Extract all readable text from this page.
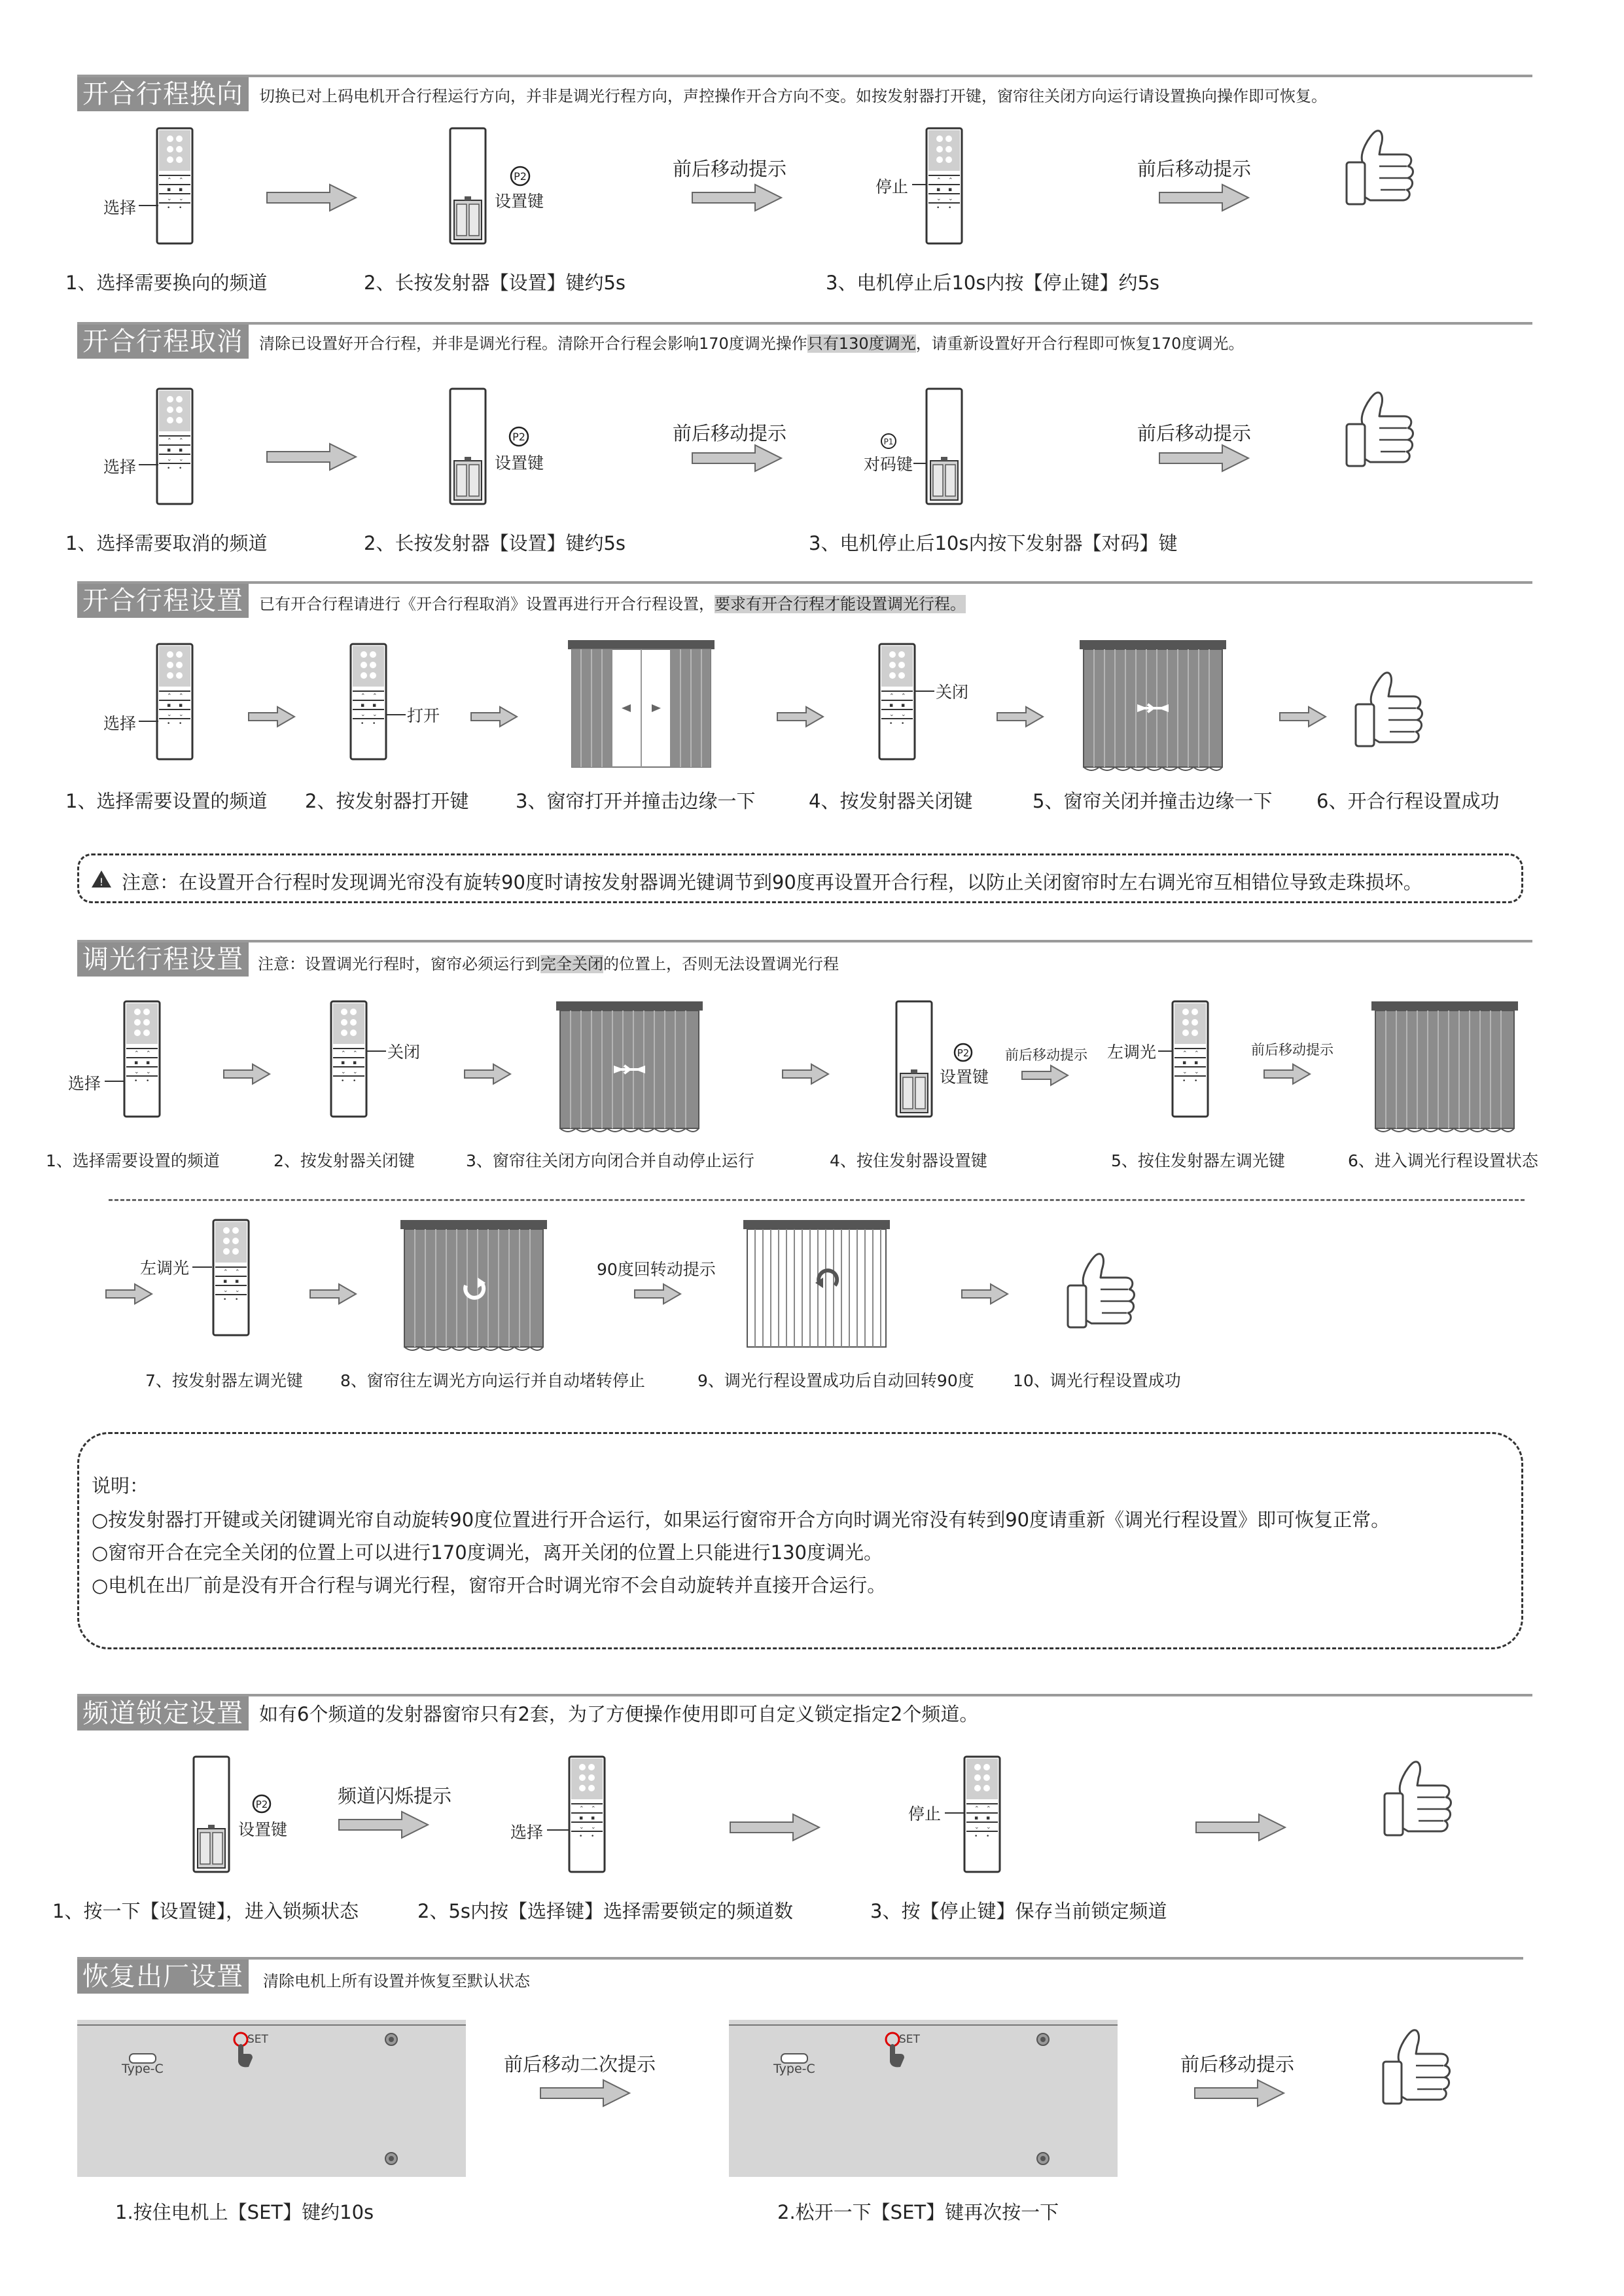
⌃	⌃
▪	▪
⌄	⌄
•	• 开合行程换向	切换已对上码电机开合行程运行方向，并非是调光行程方向，声控操作开合方向不变。如按发射器打开键，窗帘往关闭方向运行请设置换向操作即可恢复。
选择
P2
设置键
前后移动提示
停止
前后移动提示
1、选择需要换向的频道	2、长按发射器【设置】键约5s	3、电机停止后10s内按【停止键】约5s
开合行程取消	清除已设置好开合行程，并非是调光行程。清除开合行程会影响170度调光操作只有130度调光，请重新设置好开合行程即可恢复170度调光。
选择
P2
设置键
前后移动提示	P1
对码键
前后移动提示
1、选择需要取消的频道	2、长按发射器【设置】键约5s	3、电机停止后10s内按下发射器【对码】键
开合行程设置	已有开合行程请进行《开合行程取消》设置再进行开合行程设置，要求有开合行程才能设置调光行程。
选择	打开
关闭
1、选择需要设置的频道 2、按发射器打开键 3、窗帘打开并撞击边缘一下	4、按发射器关闭键	5、窗帘关闭并撞击边缘一下 6、开合行程设置成功
! 注意：在设置开合行程时发现调光帘没有旋转90度时请按发射器调光键调节到90度再设置开合行程，以防止关闭窗帘时左右调光帘互相错位导致走珠损坏。
调光行程设置 注意：设置调光行程时，窗帘必须运行到完全关闭的位置上，否则无法设置调光行程
选择
关闭	P2
设置键
前后移动提示 左调光	前后移动提示
1、选择需要设置的频道	2、按发射器关闭键	3、窗帘往关闭方向闭合并自动停止运行	4、按住发射器设置键	5、按住发射器左调光键	6、进入调光行程设置状态
左调光	90度回转动提示
7、按发射器左调光键 8、窗帘往左调光方向运行并自动堵转停止	9、调光行程设置成功后自动回转90度 10、调光行程设置成功
说明：
○按发射器打开键或关闭键调光帘自动旋转90度位置进行开合运行，如果运行窗帘开合方向时调光帘没有转到90度请重新《调光行程设置》即可恢复正常。
○窗帘开合在完全关闭的位置上可以进行170度调光，离开关闭的位置上只能进行130度调光。
○电机在出厂前是没有开合行程与调光行程，窗帘开合时调光帘不会自动旋转并直接开合运行。
频道锁定设置 如有6个频道的发射器窗帘只有2套，为了方便操作使用即可自定义锁定指定2个频道。
P2
设置键
频道闪烁提示
选择
停止
1、按一下【设置键】，进入锁频状态	2、5s内按【选择键】选择需要锁定的频道数	3、按【停止键】保存当前锁定频道
恢复出厂设置	清除电机上所有设置并恢复至默认状态
Type-C
SET
前后移动二次提示	Type-C
SET
前后移动提示
1.按住电机上【SET】键约10s	2.松开一下【SET】键再次按一下
